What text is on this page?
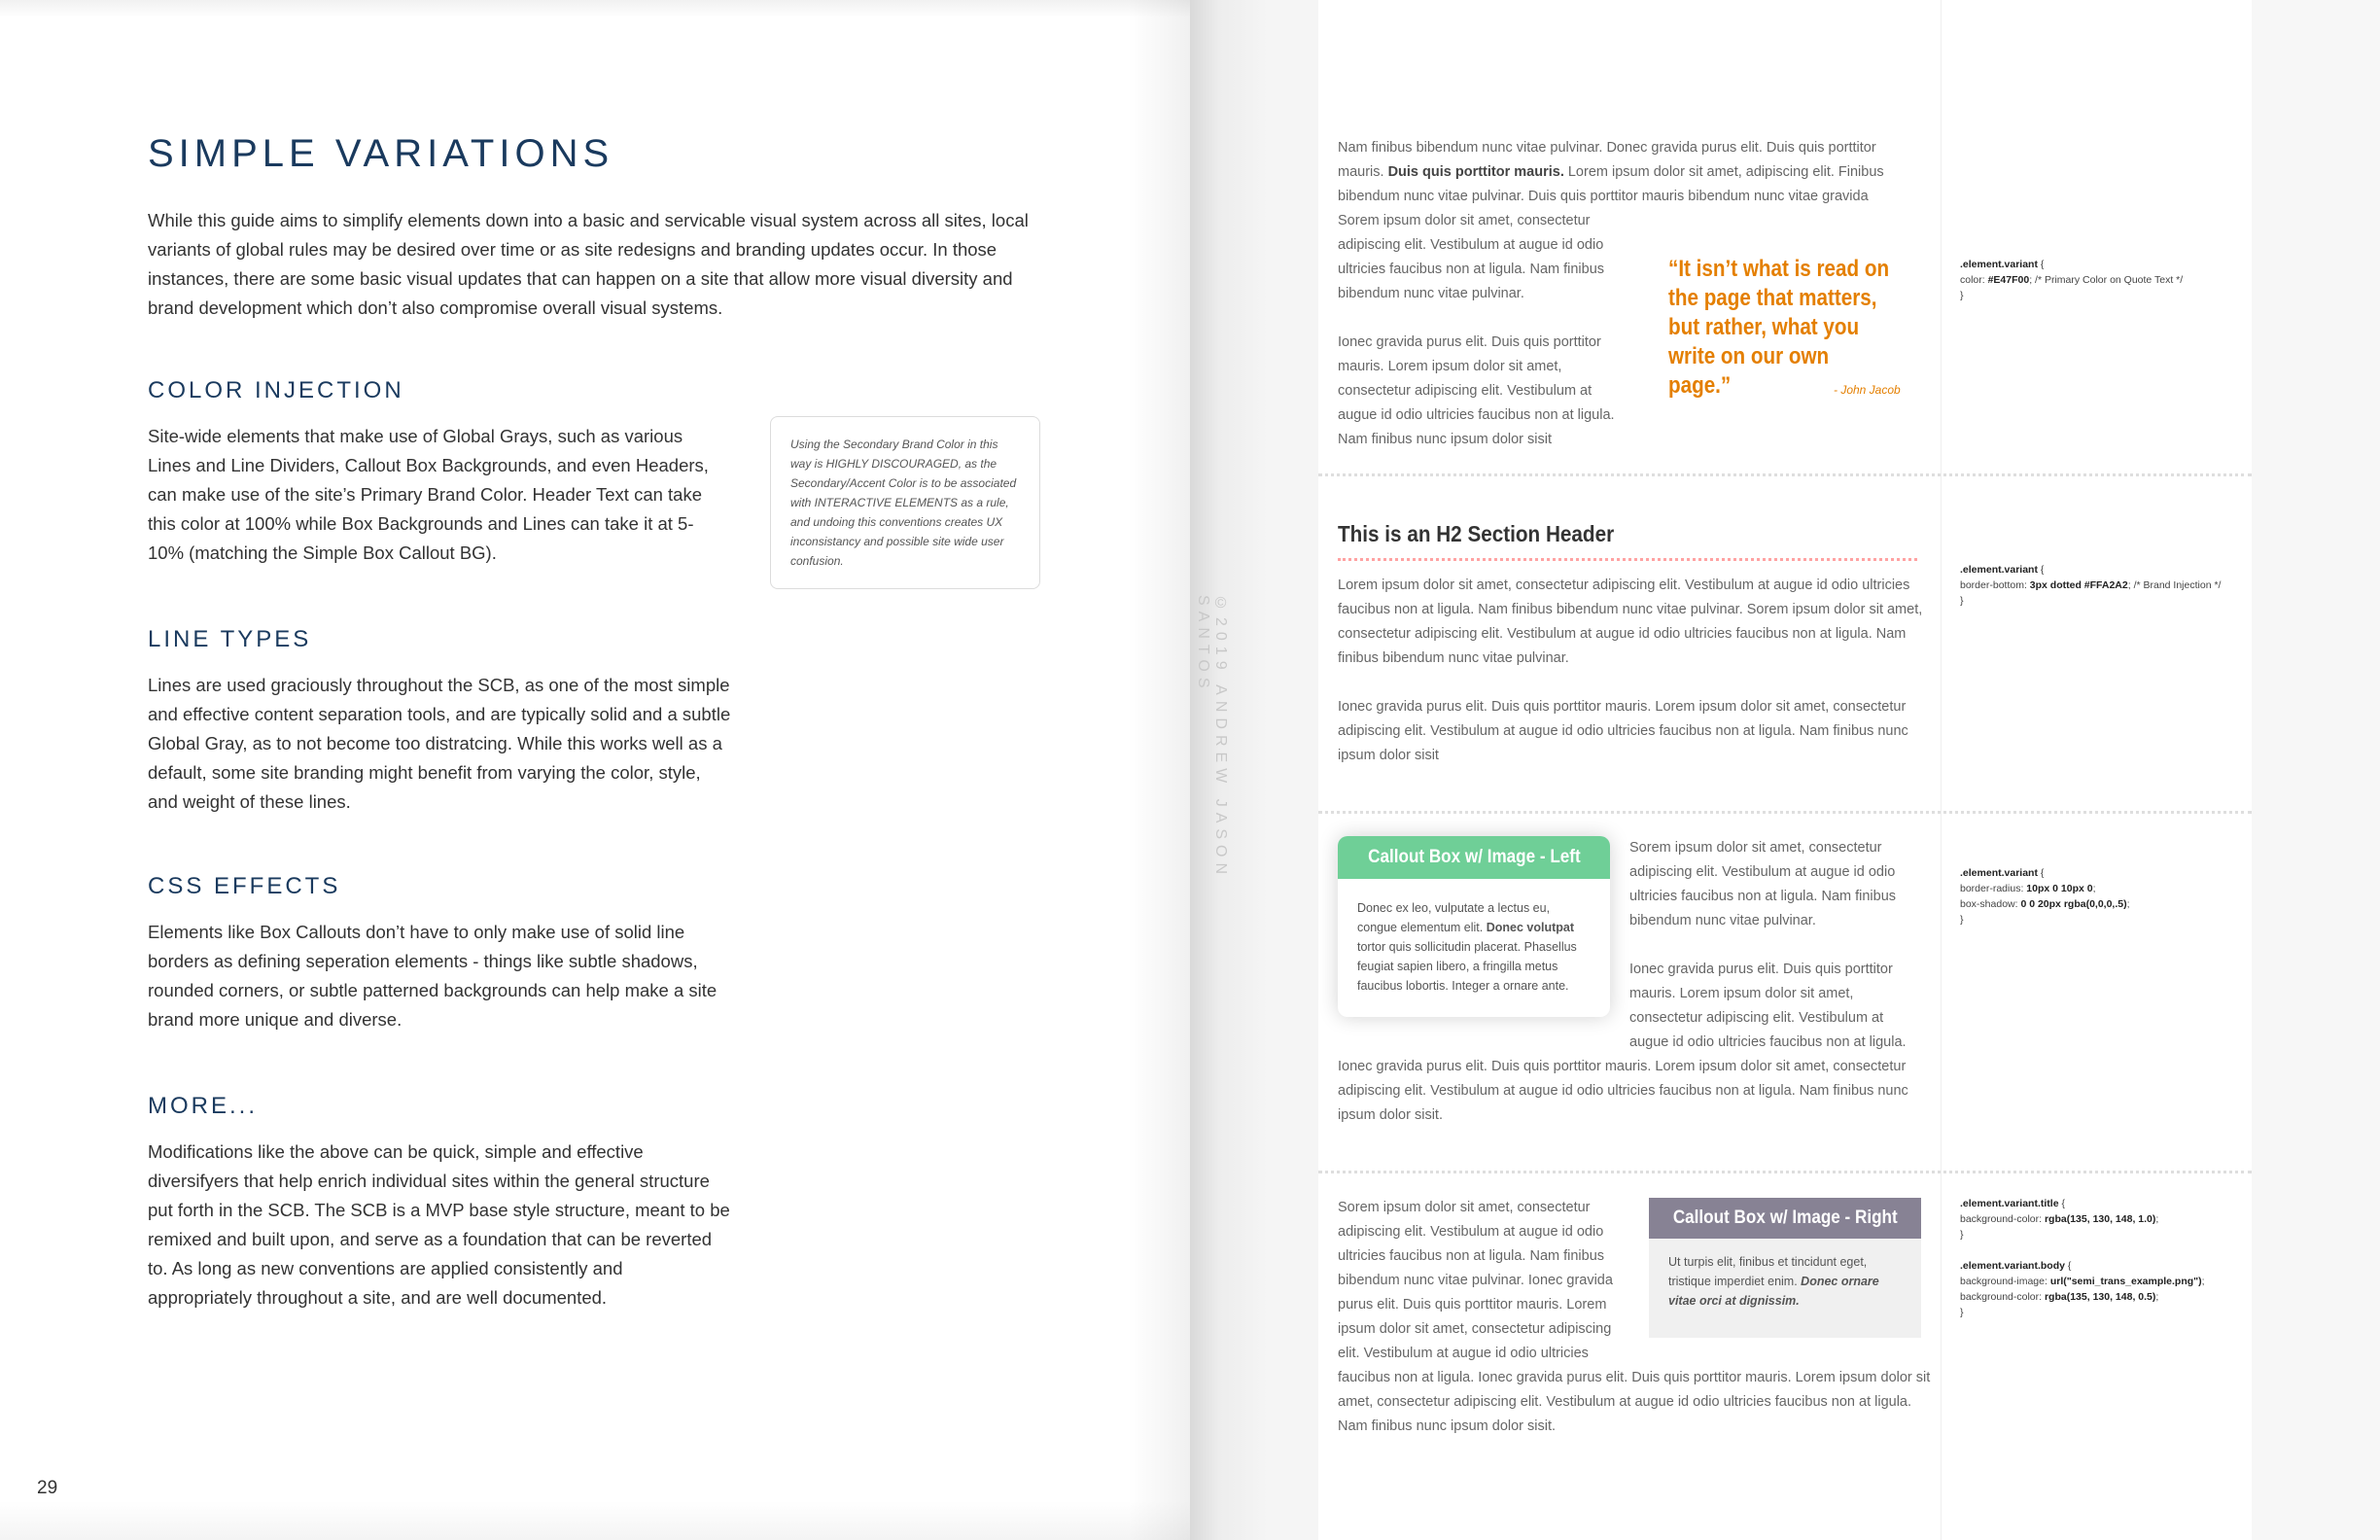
SIMPLE VARIATIONS
While this guide aims to simplify elements down into a basic and servicable visual system across all sites, local variants of global rules may be desired over time or as site redesigns and branding updates occur. In those instances, there are some basic visual updates that can happen on a site that allow more visual diversity and brand development which don’t also compromise overall visual systems.
COLOR INJECTION
Site-wide elements that make use of Global Grays, such as various Lines and Line Dividers, Callout Box Backgrounds, and even Headers, can make use of the site’s Primary Brand Color. Header Text can take this color at 100% while Box Backgrounds and Lines can take it at 5-10% (matching the Simple Box Callout BG).
Using the Secondary Brand Color in this way is HIGHLY DISCOURAGED, as the Secondary/Accent Color is to be associated with INTERACTIVE ELEMENTS as a rule, and undoing this conventions creates UX inconsistancy and possible site wide user confusion.
LINE TYPES
Lines are used graciously throughout the SCB, as one of the most simple and effective content separation tools, and are typically solid and a subtle Global Gray, as to not become too distratcing. While this works well as a default, some site branding might benefit from varying the color, style, and weight of these lines.
CSS EFFECTS
Elements like Box Callouts don’t have to only make use of solid line borders as defining seperation elements - things like subtle shadows, rounded corners, or subtle patterned backgrounds can help make a site brand more unique and diverse.
MORE...
Modifications like the above can be quick, simple and effective diversifyers that help enrich individual sites within the general structure put forth in the SCB. The SCB is a MVP base style structure, meant to be remixed and built upon, and serve as a foundation that can be reverted to. As long as new conventions are applied consistently and appropriately throughout a site, and are well documented.
29
©2019 ANDREW JASON SANTOS
Nam finibus bibendum nunc vitae pulvinar. Donec gravida purus elit. Duis quis porttitor
mauris. Duis quis porttitor mauris. Lorem ipsum dolor sit amet, adipiscing elit. Finibus
bibendum nunc vitae pulvinar. Duis quis porttitor mauris bibendum nunc vitae gravida
Sorem ipsum dolor sit amet, consectetur adipiscing elit. Vestibulum at augue id odio ultricies faucibus non at ligula. Nam finibus bibendum nunc vitae pulvinar.
Ionec gravida purus elit. Duis quis porttitor mauris. Lorem ipsum dolor sit amet, consectetur adipiscing elit. Vestibulum at augue id odio ultricies faucibus non at ligula. Nam finibus nunc ipsum dolor sisit
“It isn’t what is read on the page that matters, but rather, what you write on our own page.”	- John Jacob
.element.variant {
color: #E47F00; /* Primary Color on Quote Text */
}
This is an H2 Section Header
Lorem ipsum dolor sit amet, consectetur adipiscing elit. Vestibulum at augue id odio ultricies faucibus non at ligula. Nam finibus bibendum nunc vitae pulvinar. Sorem ipsum dolor sit amet, consectetur adipiscing elit. Vestibulum at augue id odio ultricies faucibus non at ligula. Nam finibus bibendum nunc vitae pulvinar.
Ionec gravida purus elit. Duis quis porttitor mauris. Lorem ipsum dolor sit amet, consectetur adipiscing elit. Vestibulum at augue id odio ultricies faucibus non at ligula. Nam finibus nunc ipsum dolor sisit
.element.variant {
border-bottom: 3px dotted #FFA2A2; /* Brand Injection */
}
Callout Box w/ Image - Left
Donec ex leo, vulputate a lectus eu, congue elementum elit. Donec volutpat tortor quis sollicitudin placerat. Phasellus feugiat sapien libero, a fringilla metus faucibus lobortis. Integer a ornare ante.
Sorem ipsum dolor sit amet, consectetur adipiscing elit. Vestibulum at augue id odio ultricies faucibus non at ligula. Nam finibus bibendum nunc vitae pulvinar.
Ionec gravida purus elit. Duis quis porttitor mauris. Lorem ipsum dolor sit amet, consectetur adipiscing elit. Vestibulum at augue id odio ultricies faucibus non at ligula.
Ionec gravida purus elit. Duis quis porttitor mauris. Lorem ipsum dolor sit amet, consectetur adipiscing elit. Vestibulum at augue id odio ultricies faucibus non at ligula. Nam finibus nunc ipsum dolor sisit.
.element.variant {
border-radius: 10px 0 10px 0;
box-shadow: 0 0 20px rgba(0,0,0,.5);
}
Sorem ipsum dolor sit amet, consectetur adipiscing elit. Vestibulum at augue id odio ultricies faucibus non at ligula. Nam finibus bibendum nunc vitae pulvinar. Ionec gravida purus elit. Duis quis porttitor mauris. Lorem ipsum dolor sit amet, consectetur adipiscing elit. Vestibulum at augue id odio ultricies
Callout Box w/ Image - Right
Ut turpis elit, finibus et tincidunt eget, tristique imperdiet enim. Donec ornare vitae orci at dignissim.
faucibus non at ligula. Ionec gravida purus elit. Duis quis porttitor mauris. Lorem ipsum dolor sit amet, consectetur adipiscing elit. Vestibulum at augue id odio ultricies faucibus non at ligula. Nam finibus nunc ipsum dolor sisit.
.element.variant.title {
background-color: rgba(135, 130, 148, 1.0);
}
.element.variant.body {
background-image: url("semi_trans_example.png");
background-color: rgba(135, 130, 148, 0.5);
}
